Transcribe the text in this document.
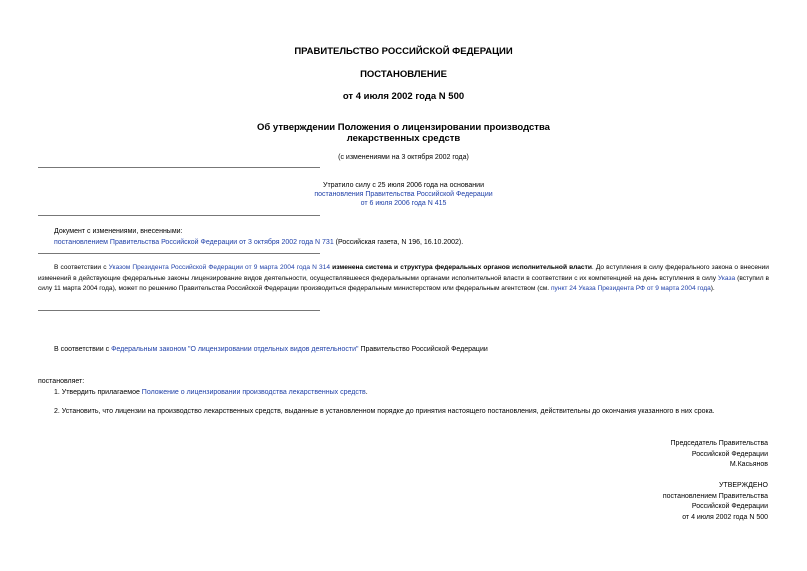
ПРАВИТЕЛЬСТВО РОССИЙСКОЙ ФЕДЕРАЦИИ
ПОСТАНОВЛЕНИЕ
от 4 июля 2002 года N 500
Об утверждении Положения о лицензировании производства
лекарственных средств
(с изменениями на 3 октября 2002 года)
Утратило силу с 25 июля 2006 года на основании
постановления Правительства Российской Федерации
от 6 июля 2006 года N 415
Документ с изменениями, внесенными:
постановлением Правительства Российской Федерации от 3 октября 2002 года N 731 (Российская газета, N 196, 16.10.2002).
В соответствии с Указом Президента Российской Федерации от 9 марта 2004 года N 314 изменена система и структура федеральных органов исполнительной власти. До вступления в силу федерального закона о внесении изменений в действующие федеральные законы лицензирование видов деятельности, осуществлявшееся федеральными органами исполнительной власти в соответствии с их компетенцией на день вступления в силу Указа (вступил в силу 11 марта 2004 года), может по решению Правительства Российской Федерации производиться федеральным министерством или федеральным агентством (см. пункт 24 Указа Президента РФ от 9 марта 2004 года).
В соответствии с Федеральным законом "О лицензировании отдельных видов деятельности" Правительство Российской Федерации
постановляет:
1. Утвердить прилагаемое Положение о лицензировании производства лекарственных средств.
2. Установить, что лицензии на производство лекарственных средств, выданные в установленном порядке до принятия настоящего постановления, действительны до окончания указанного в них срока.
Председатель Правительства
Российской Федерации
М.Касьянов
УТВЕРЖДЕНО
постановлением Правительства
Российской Федерации
от 4 июля 2002 года N 500
